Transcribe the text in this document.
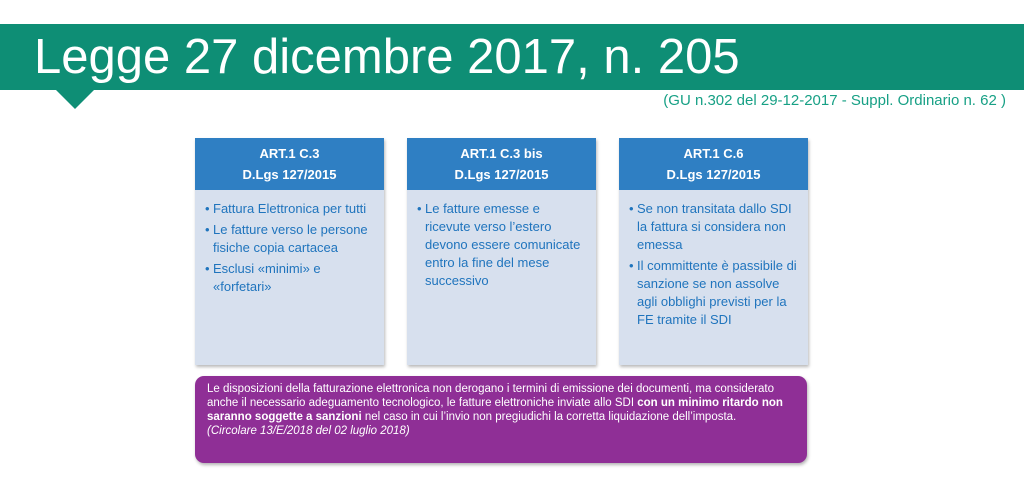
Legge 27 dicembre 2017, n. 205
(GU n.302 del 29-12-2017 - Suppl. Ordinario n. 62 )
ART.1 C.3
D.Lgs 127/2015
• Fattura Elettronica per tutti
• Le fatture verso le persone fisiche copia cartacea
• Esclusi «minimi» e «forfetari»
ART.1 C.3 bis
D.Lgs 127/2015
• Le fatture emesse e ricevute verso l’estero devono essere comunicate entro la fine del mese successivo
ART.1 C.6
D.Lgs 127/2015
• Se non transitata dallo SDI la fattura si considera non emessa
• Il committente è passibile di sanzione se non assolve agli obblighi previsti per la FE tramite il SDI
Le disposizioni della fatturazione elettronica non derogano i termini di emissione dei documenti, ma considerato anche il necessario adeguamento tecnologico, le fatture elettroniche inviate allo SDI con un minimo ritardo non saranno soggette a sanzioni nel caso in cui l’invio non pregiudichi la corretta liquidazione dell’imposta.
(Circolare 13/E/2018 del 02 luglio 2018)
